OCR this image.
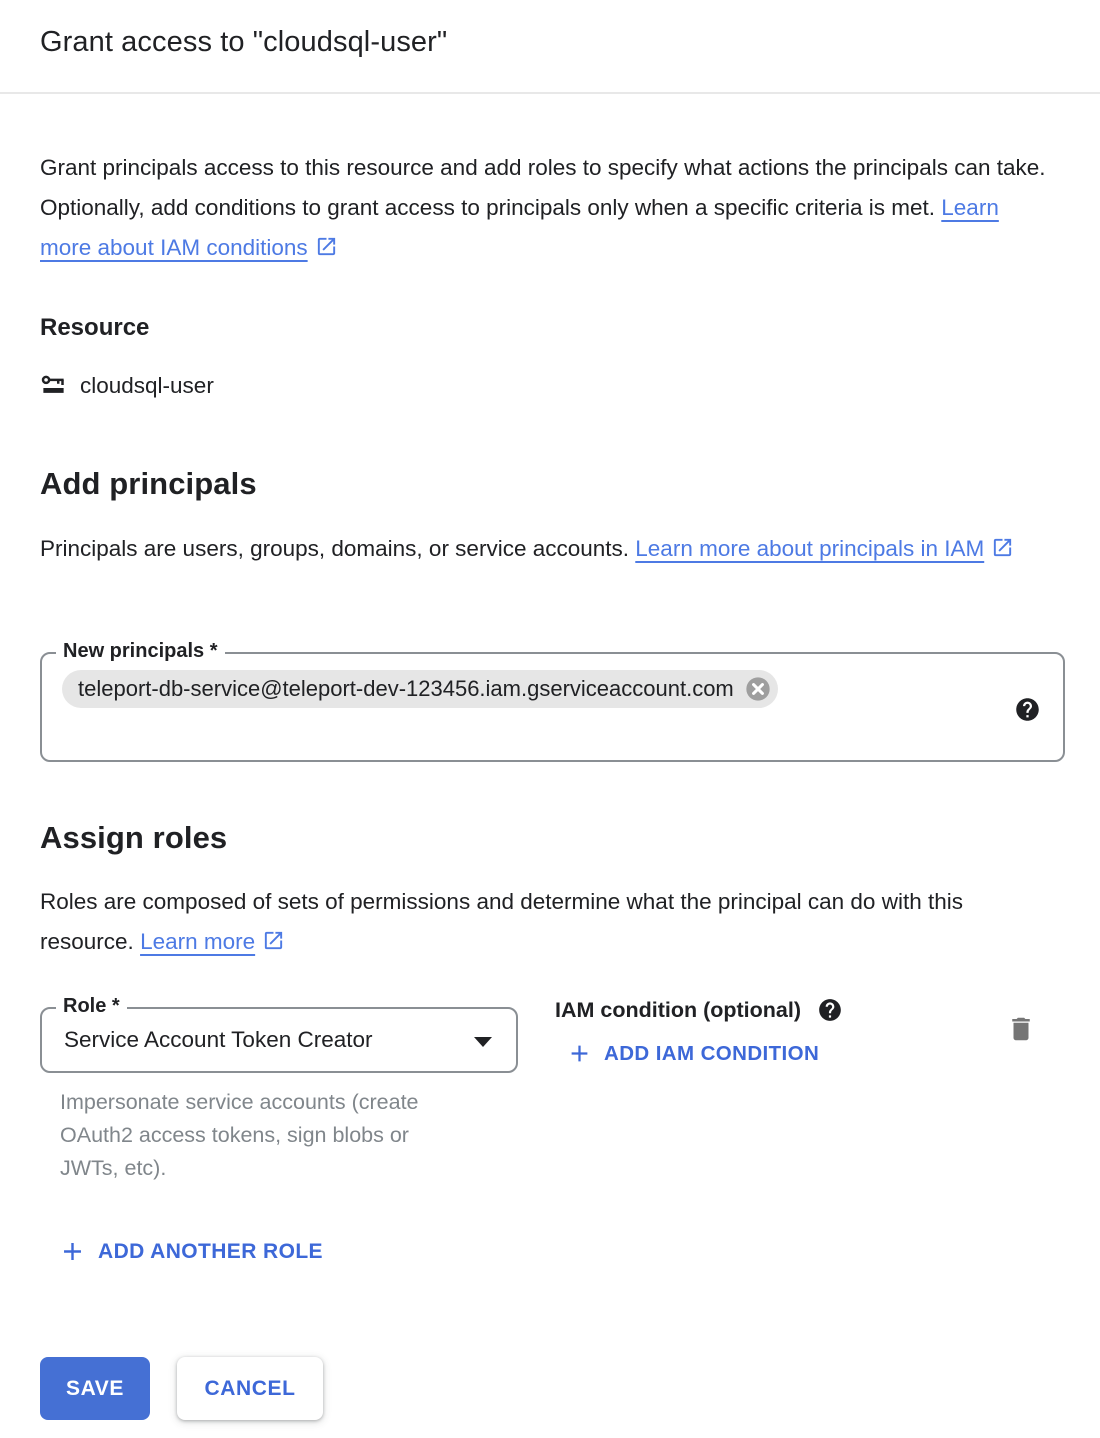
Grant access to "cloudsql-user"

Grant principals access to this resource and add roles to specify what actions the principals can take. Optionally, add conditions to grant access to principals only when a specific criteria is met. Learn more about IAM conditions

Resource
cloudsql-user
Add principals

Principals are users, groups, domains, or service accounts. Learn more about principals in IAM

New principals *
teleport-db-service@teleport-dev-123456.iam.gserviceaccount.com
Assign roles

Roles are composed of sets of permissions and determine what the principal can do with this resource. Learn more

Role *
Service Account Token Creator

Impersonate service accounts (create OAuth2 access tokens, sign blobs or JWTs, etc).

IAM condition (optional)
ADD IAM CONDITION
ADD ANOTHER ROLE
SAVE	CANCEL
